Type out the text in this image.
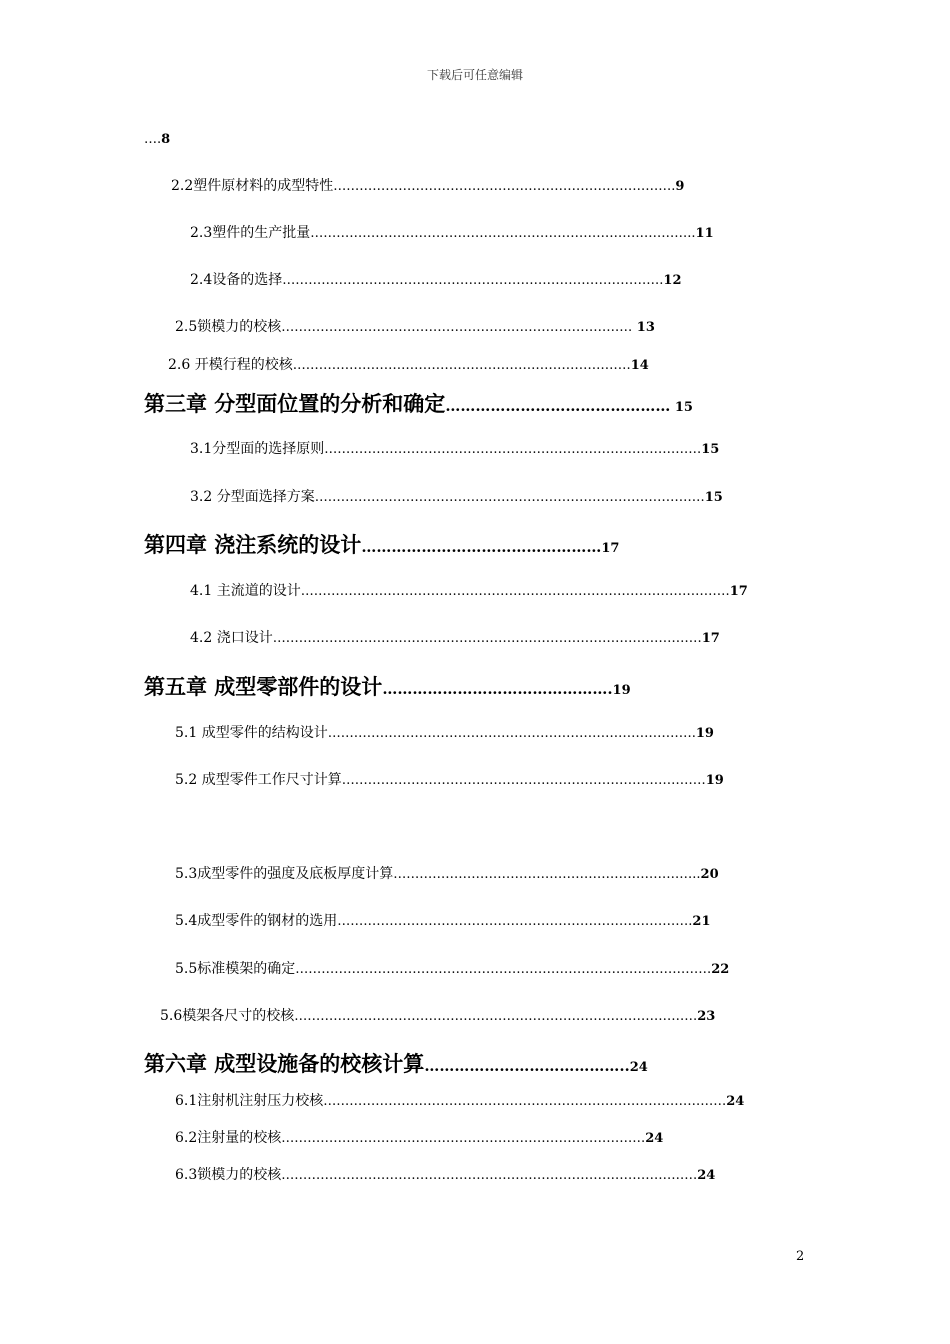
下载后可任意编辑
….8
2.2塑件原材料的成型特性…………………………………………………………………….9
2.3塑件的生产批量……………………………………………………………………………..11
2.4设备的选择…………………………………………………………………………….12
2.5锁模力的校核……………………………………………………………………… 13
2.6 开模行程的校核……………………………………………………………………14
第三章 分型面位置的分析和确定……………………………………… 15
3.1分型面的选择原则……………………………………………………………………………15
3.2 分型面选择方案………………………………………………………………………………15
第四章 浇注系统的设计…………………………………………17
4.1 主流道的设计………………………………………………………………………………………17
4.2 浇口设计………………………………………………………………………………………17
第五章 成型零部件的设计……………………………………….19
5.1 成型零件的结构设计………………………………………………………………………….19
5.2 成型零件工作尺寸计算…………………………………………………………………………19
5.3成型零件的强度及底板厚度计算……………………………………………………………..20
5.4成型零件的钢材的选用……………………………………………………………………….21
5.5标准模架的确定……………………………………………………………………………………22
5.6模架各尺寸的校核…………………………………………………………………………………23
第六章 成型设施备的校核计算…………………………………..24
6.1注射机注射压力校核…………………………………………………………………………………24
6.2注射量的校核…………………………………………………………………………24
6.3锁模力的校核……………………………………………………………………………………24
2
